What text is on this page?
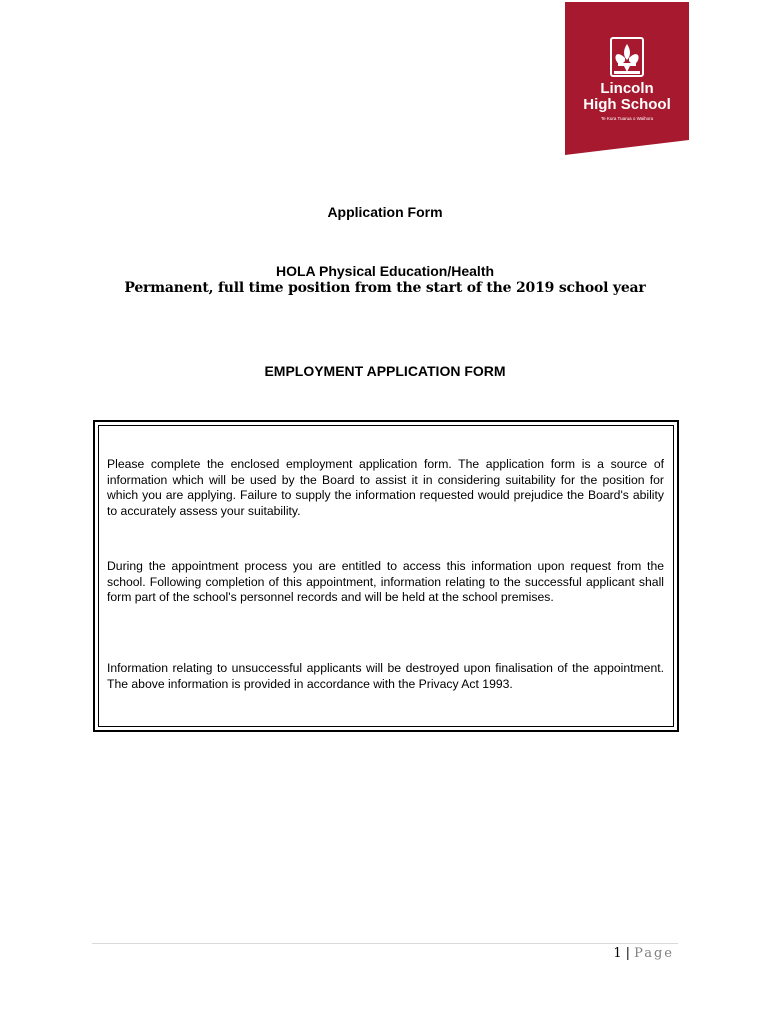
Lincoln
High School
Te Kura Tuarua o Waihora
Application Form
HOLA Physical Education/Health
Permanent, full time position from the start of the 2019 school year
EMPLOYMENT APPLICATION FORM
Please complete the enclosed employment application form. The application form is a source of information which will be used by the Board to assist it in considering suitability for the position for which you are applying. Failure to supply the information requested would prejudice the Board's ability to accurately assess your suitability.
During the appointment process you are entitled to access this information upon request from the school. Following completion of this appointment, information relating to the successful applicant shall form part of the school's personnel records and will be held at the school premises.
Information relating to unsuccessful applicants will be destroyed upon finalisation of the appointment. The above information is provided in accordance with the Privacy Act 1993.
1 | Page
